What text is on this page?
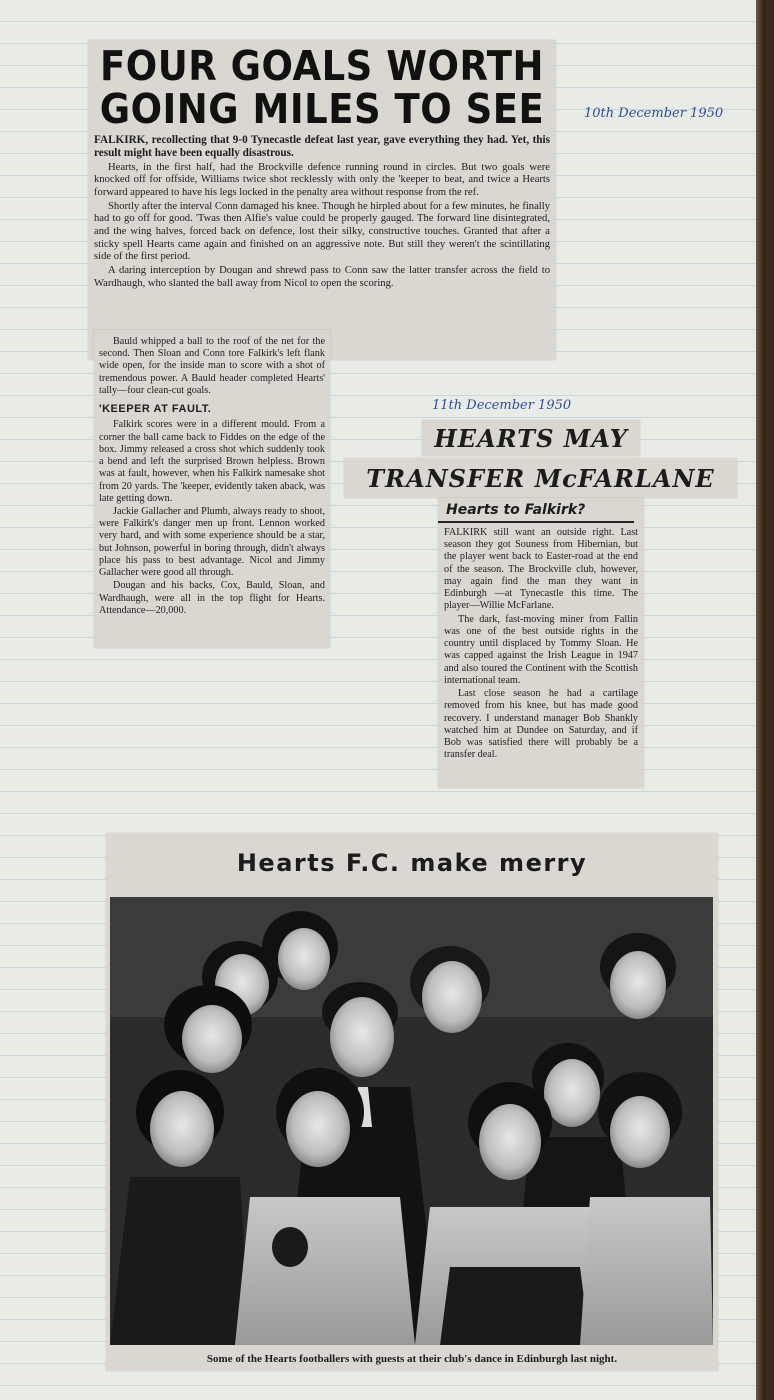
FOUR GOALS WORTH
GOING MILES TO SEE

FALKIRK, recollecting that 9-0 Tynecastle defeat last year, gave everything they had. Yet, this result might have been equally disastrous.

Hearts, in the first half, had the Brockville defence running round in circles. But two goals were knocked off for offside, Williams twice shot recklessly with only the 'keeper to beat, and twice a Hearts forward appeared to have his legs locked in the penalty area without response from the ref.

Shortly after the interval Conn damaged his knee. Though he hirpled about for a few minutes, he finally had to go off for good. 'Twas then Alfie's value could be properly gauged. The forward line disintegrated, and the wing halves, forced back on defence, lost their silky, constructive touches. Granted that after a sticky spell Hearts came again and finished on an aggressive note. But still they weren't the scintillating side of the first period.

A daring interception by Dougan and shrewd pass to Conn saw the latter transfer across the field to Wardhaugh, who slanted the ball away from Nicol to open the scoring.

Bauld whipped a ball to the roof of the net for the second. Then Sloan and Conn tore Falkirk's left flank wide open, for the inside man to score with a shot of tremendous power. A Bauld header completed Hearts' tally—four clean-cut goals.

'KEEPER AT FAULT.

Falkirk scores were in a different mould. From a corner the ball came back to Fiddes on the edge of the box. Jimmy released a cross shot which suddenly took a bend and left the surprised Brown helpless. Brown was at fault, however, when his Falkirk namesake shot from 20 yards. The 'keeper, evidently taken aback, was late getting down.

Jackie Gallacher and Plumb, always ready to shoot, were Falkirk's danger men up front. Lennon worked very hard, and with some experience should be a star, but Johnson, powerful in boring through, didn't always place his pass to best advantage. Nicol and Jimmy Gallacher were good all through.

Dougan and his backs, Cox, Bauld, Sloan, and Wardhaugh, were all in the top flight for Hearts. Attendance—20,000.

10th December 1950
11th December 1950
HEARTS MAY
TRANSFER McFARLANE
Hearts to Falkirk?

FALKIRK still want an outside right. Last season they got Souness from Hibernian, but the player went back to Easter-road at the end of the season. The Brockville club, however, may again find the man they want in Edinburgh —at Tynecastle this time. The player—Willie McFarlane.

The dark, fast-moving miner from Fallin was one of the best outside rights in the country until displaced by Tommy Sloan. He was capped against the Irish League in 1947 and also toured the Continent with the Scottish international team.

Last close season he had a cartilage removed from his knee, but has made good recovery. I understand manager Bob Shankly watched him at Dundee on Saturday, and if Bob was satisfied there will probably be a transfer deal.

Hearts F.C. make merry
Some of the Hearts footballers with guests at their club's dance in Edinburgh last night.
